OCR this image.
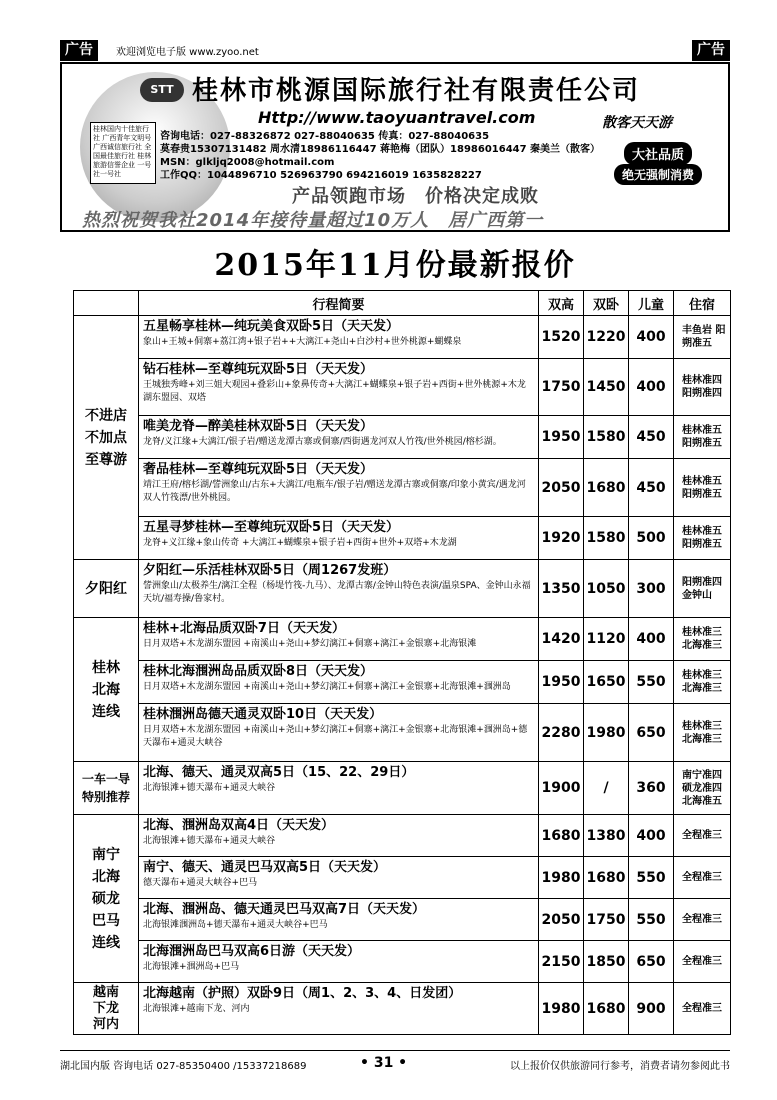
广告	欢迎浏览电子版 www.zyoo.net	广告
STT 桂林市桃源国际旅行社有限责任公司
Http://www.taoyuantravel.com
桂林国内十佳旅行社 广西青年文明号 广西诚信旅行社 全国最佳旅行社 桂林旅游信誉企业 一号社一号社
咨询电话：027-88326872 027-88040635 传真：027-88040635
莫春贵15307131482 周水清18986116447 蒋艳梅（团队）18986016447 秦美兰（散客）
MSN：glkljq2008@hotmail.com
工作QQ：1044896710 526963790 694216019 1635828227
散客天天游
大社品质
绝无强制消费
产品领跑市场　价格决定成败
热烈祝贺我社2014年接待量超过10万人　居广西第一
2015年11月份最新报价
	行程简要	双高	双卧	儿童	住宿

不进店不加点至尊游	五星畅享桂林—纯玩美食双卧5日（天天发）
象山+王城+侗寨+荔江湾+银子岩++大漓江+尧山+白沙村+世外桃源+蝴蝶泉	1520	1220	400	丰鱼岩 阳朔准五

	钻石桂林—至尊纯玩双卧5日（天天发）
王城独秀峰+刘三姐大观园+叠彩山+象鼻传奇+大漓江+蝴蝶泉+银子岩+西街+世外桃源+木龙湖东盟园、双塔	1750	1450	400	桂林准四 阳朔准四

	唯美龙脊—醉美桂林双卧5日（天天发）
龙脊/义江缘+大漓江/银子岩/赠送龙潭古寨或侗寨/西街遇龙河双人竹筏/世外桃园/榕杉湖。	1950	1580	450	桂林准五 阳朔准五

	奢品桂林—至尊纯玩双卧5日（天天发）
靖江王府/榕杉湖/訾洲象山/古东+大漓江/电瓶车/银子岩/赠送龙潭古寨或侗寨/印象小黄宾/遇龙河双人竹筏漂/世外桃园。	2050	1680	450	桂林准五 阳朔准五

	五星寻梦桂林—至尊纯玩双卧5日（天天发）
龙脊+义江缘+象山传奇 +大漓江+蝴蝶泉+银子岩+西街+世外+双塔+木龙湖	1920	1580	500	桂林准五 阳朔准五
夕阳红	夕阳红—乐活桂林双卧5日（周1267发班）
訾洲象山/太极养生/漓江全程（杨堤竹筏-九马）、龙潭古寨/金钟山特色表演/温泉SPA、金钟山永福天坑/福寿操/鲁家村。	1350	1050	300	阳朔准四 金钟山

桂林北海连线	桂林+北海品质双卧7日（天天发）
日月双塔+木龙湖东盟园 +南溪山+尧山+梦幻漓江+侗寨+漓江+金银寨+北海银滩	1420	1120	400	桂林准三 北海准三

	桂林北海涠洲岛品质双卧8日（天天发）
日月双塔+木龙湖东盟园 +南溪山+尧山+梦幻漓江+侗寨+漓江+金银寨+北海银滩+涠洲岛	1950	1650	550	桂林准三 北海准三

	桂林涠洲岛德天通灵双卧10日（天天发）
日月双塔+木龙湖东盟园 +南溪山+尧山+梦幻漓江+侗寨+漓江+金银寨+北海银滩+涠洲岛+德天瀑布+通灵大峡谷	2280	1980	650	桂林准三 北海准三

一车一导特别推荐	北海、德天、通灵双高5日（15、22、29日）
北海银滩+德天瀑布+通灵大峡谷	1900	/	360	南宁准四 硕龙准四 北海准五

南宁北海硕龙巴马连线	北海、涠洲岛双高4日（天天发）
北海银滩+德天瀑布+通灵大峡谷	1680	1380	400	全程准三

	南宁、德天、通灵巴马双高5日（天天发）
德天瀑布+通灵大峡谷+巴马	1980	1680	550	全程准三

	北海、涠洲岛、德天通灵巴马双高7日（天天发）
北海银滩涠洲岛+德天瀑布+通灵大峡谷+巴马	2050	1750	550	全程准三

	北海涠洲岛巴马双高6日游（天天发）
北海银滩+涠洲岛+巴马	2150	1850	650	全程准三

越南下龙河内	北海越南（护照）双卧9日（周1、2、3、4、日发团）
北海银滩+越南下龙、河内	1980	1680	900	全程准三
湖北国内版 咨询电话 027-85350400 /15337218689	• 31 •	以上报价仅供旅游同行参考，消费者请勿参阅此书
